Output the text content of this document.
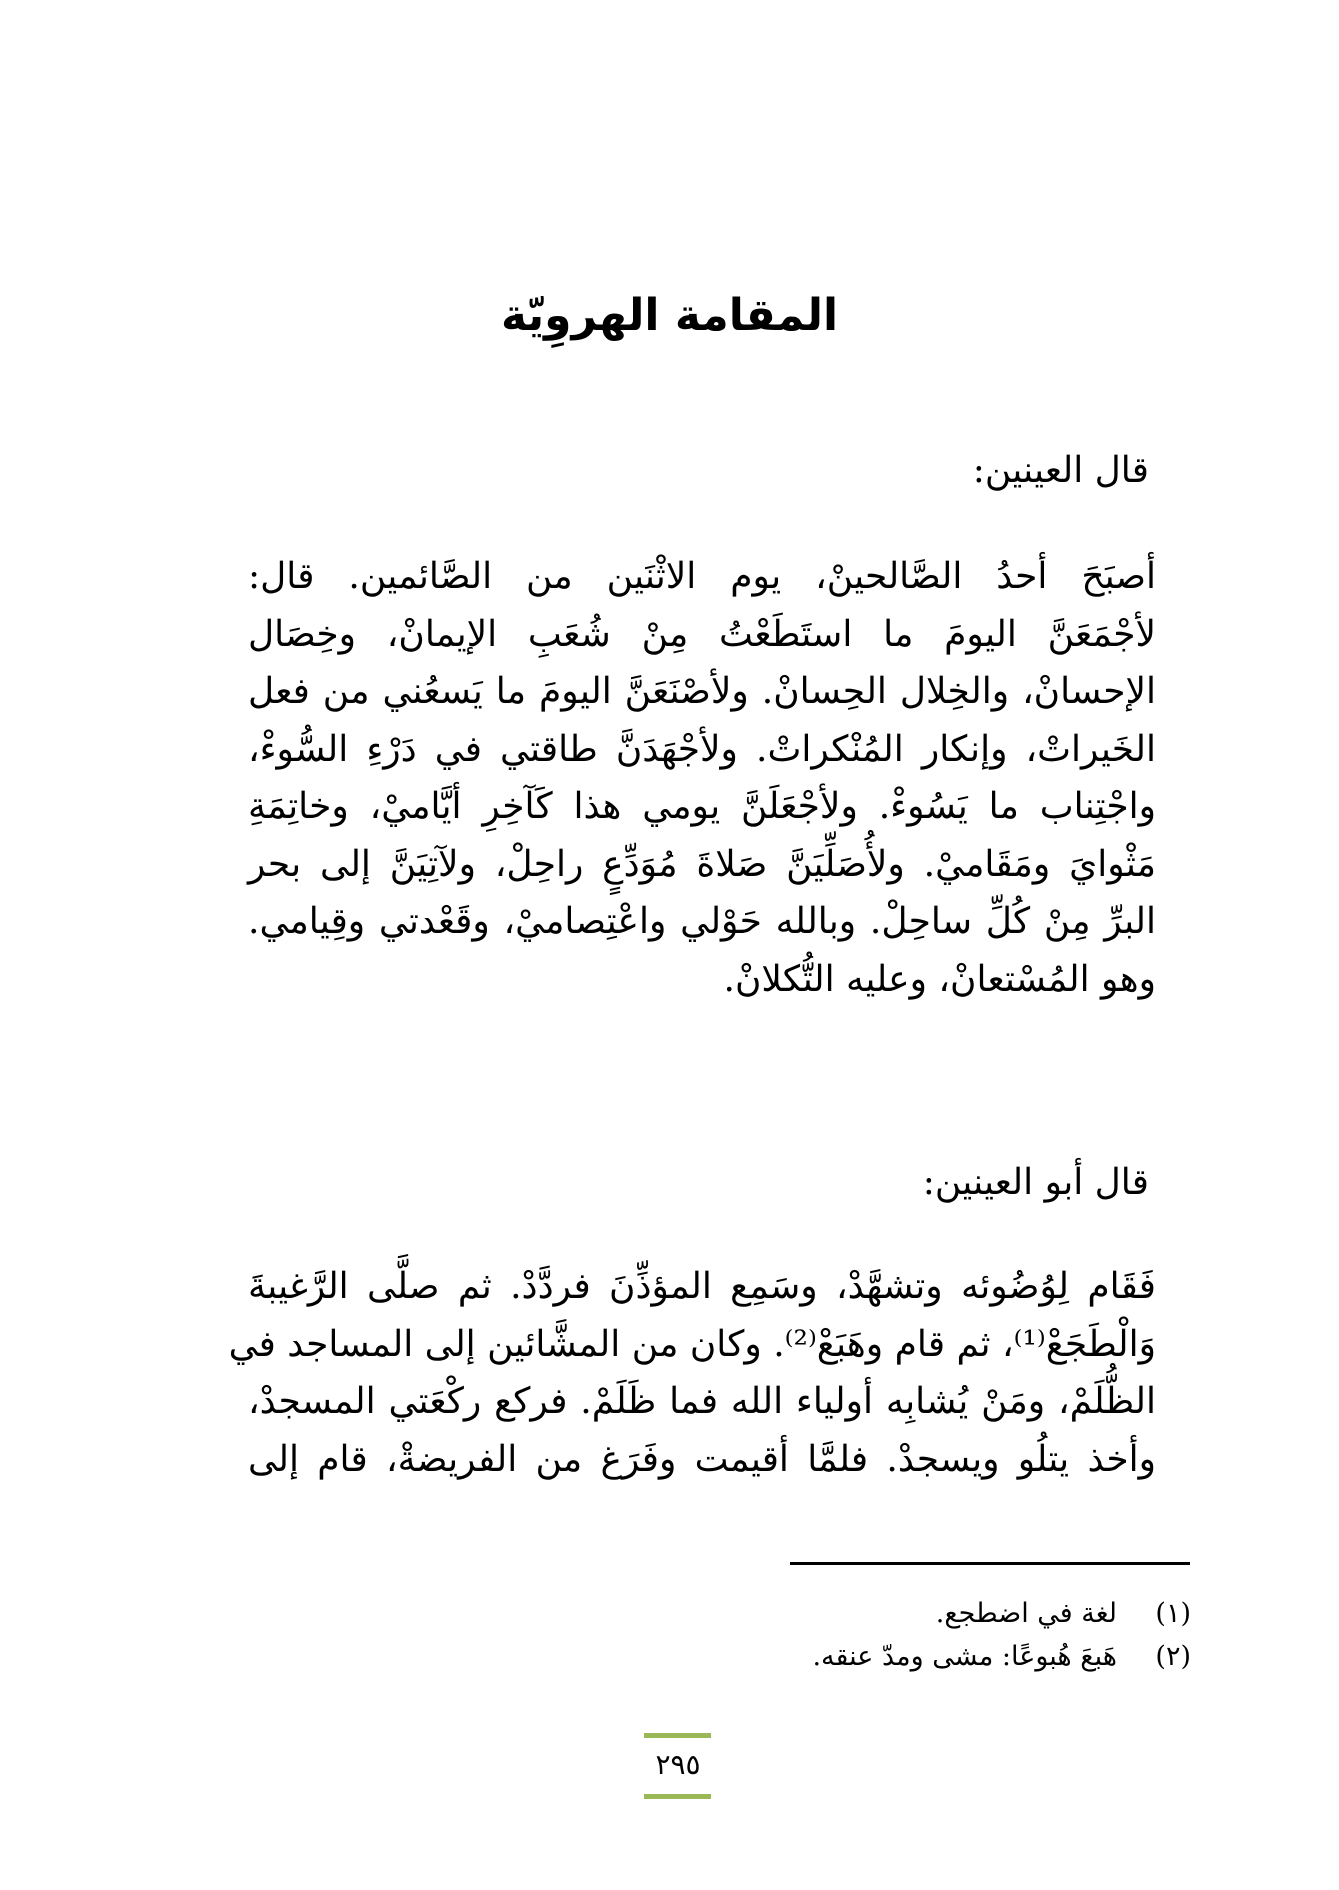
المقامة الهروِيّة
قال العينين:

أصبَحَ أحدُ الصَّالحينْ، يوم الاثْنَين من الصَّائمين. قال:
لأجْمَعَنَّ اليومَ ما استَطَعْتُ مِنْ شُعَبِ الإيمانْ، وخِصَال
الإحسانْ، والخِلال الحِسانْ. ولأصْنَعَنَّ اليومَ ما يَسعُني من فعل
الخَيراتْ، وإنكار المُنْكراتْ. ولأجْهَدَنَّ طاقتي في دَرْءِ السُّوءْ،
واجْتِناب ما يَسُوءْ. ولأجْعَلَنَّ يومي هذا كَآخِرِ أيَّاميْ، وخاتِمَةِ
مَثْوايَ ومَقَاميْ. ولأُصَلِّيَنَّ صَلاةَ مُوَدِّعٍ راحِلْ، ولآتِيَنَّ إلى بحر
البرِّ مِنْ كُلِّ ساحِلْ. وبالله حَوْلي واعْتِصاميْ، وقَعْدتي وقِيامي.
وهو المُسْتعانْ، وعليه التُّكلانْ.

قال أبو العينين:

فَقَام لِوُضُوئه وتشهَّدْ، وسَمِع المؤذِّنَ فردَّدْ. ثم صلَّى الرَّغيبةَ
وَالْطَجَعْ⁽¹⁾، ثم قام وهَبَعْ⁽²⁾. وكان من المشَّائين إلى المساجد في
الظُّلَمْ، ومَنْ يُشابِه أولياء الله فما ظَلَمْ. فركع ركْعَتي المسجدْ،
وأخذ يتلُو ويسجدْ. فلمَّا أقيمت وفَرَغ من الفريضةْ، قام إلى

(١)
لغة في اضطجع.
(٢)
هَبعَ هُبوعًا: مشى ومدّ عنقه.
٢٩٥
